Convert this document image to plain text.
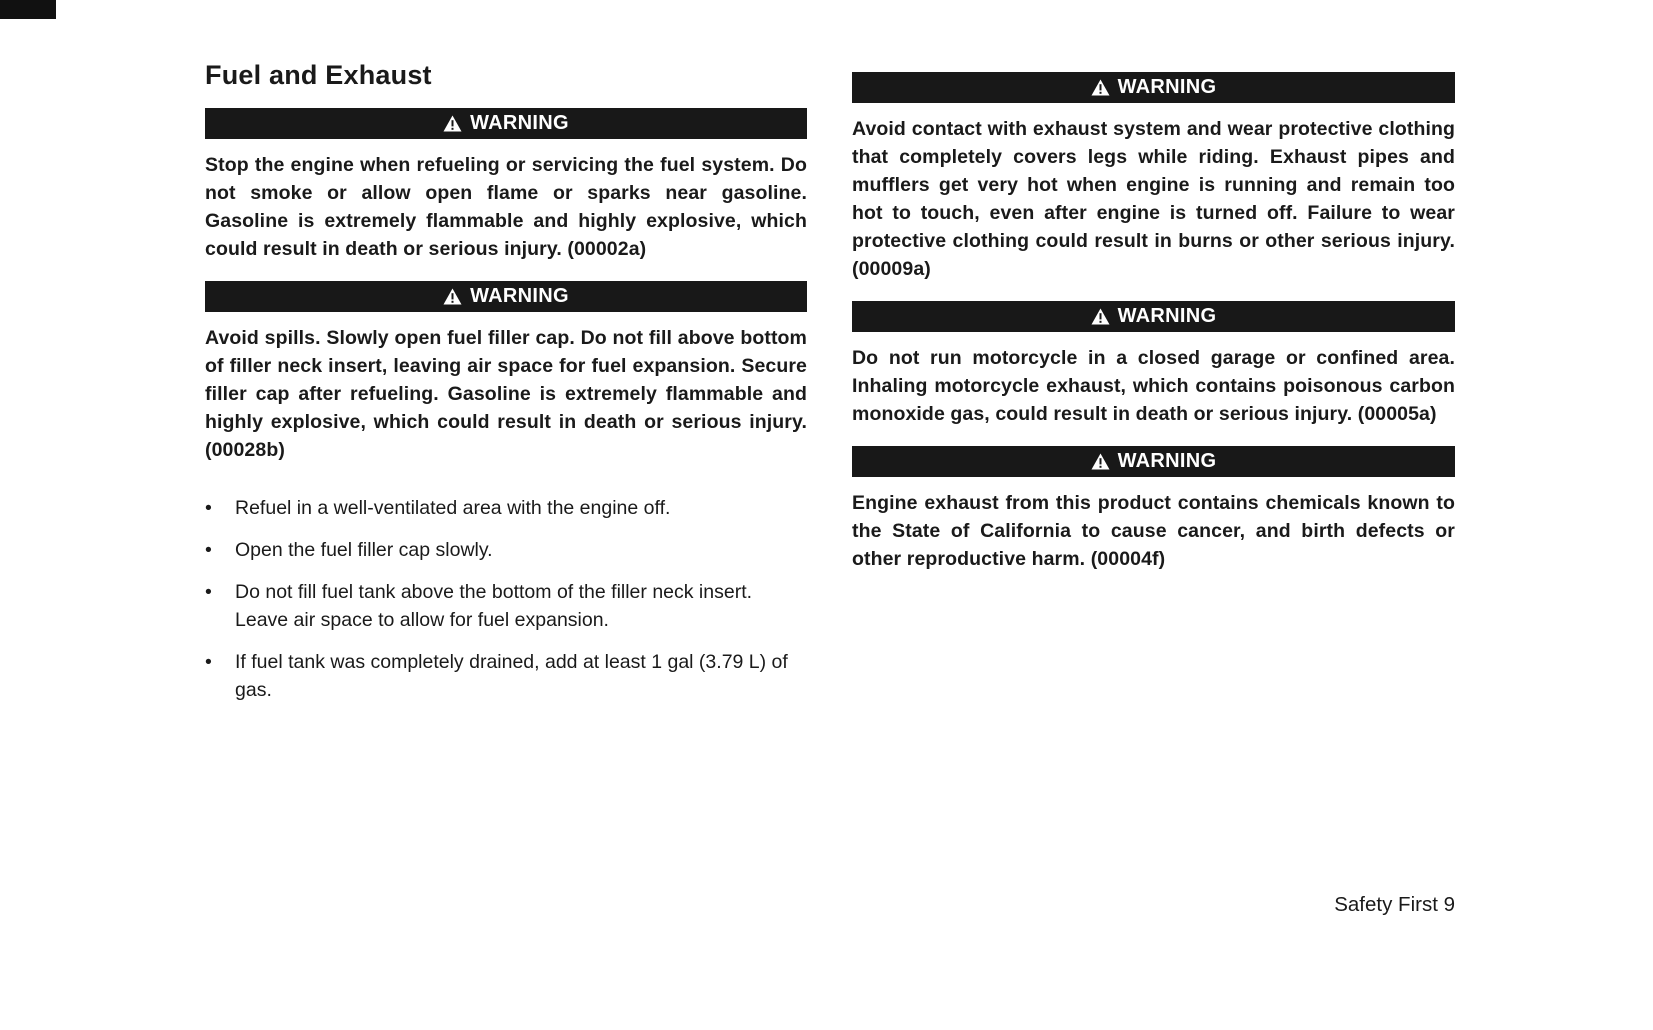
Fuel and Exhaust
WARNING
Stop the engine when refueling or servicing the fuel system. Do not smoke or allow open flame or sparks near gasoline. Gasoline is extremely flammable and highly explosive, which could result in death or serious injury. (00002a)
WARNING
Avoid spills. Slowly open fuel filler cap. Do not fill above bottom of filler neck insert, leaving air space for fuel expansion. Secure filler cap after refueling. Gasoline is extremely flammable and highly explosive, which could result in death or serious injury. (00028b)
• Refuel in a well-ventilated area with the engine off.
• Open the fuel filler cap slowly.
• Do not fill fuel tank above the bottom of the filler neck insert. Leave air space to allow for fuel expansion.
• If fuel tank was completely drained, add at least 1 gal (3.79 L) of gas.
WARNING
Avoid contact with exhaust system and wear protective clothing that completely covers legs while riding. Exhaust pipes and mufflers get very hot when engine is running and remain too hot to touch, even after engine is turned off. Failure to wear protective clothing could result in burns or other serious injury. (00009a)
WARNING
Do not run motorcycle in a closed garage or confined area. Inhaling motorcycle exhaust, which contains poisonous carbon monoxide gas, could result in death or serious injury. (00005a)
WARNING
Engine exhaust from this product contains chemicals known to the State of California to cause cancer, and birth defects or other reproductive harm. (00004f)
Safety First 9
